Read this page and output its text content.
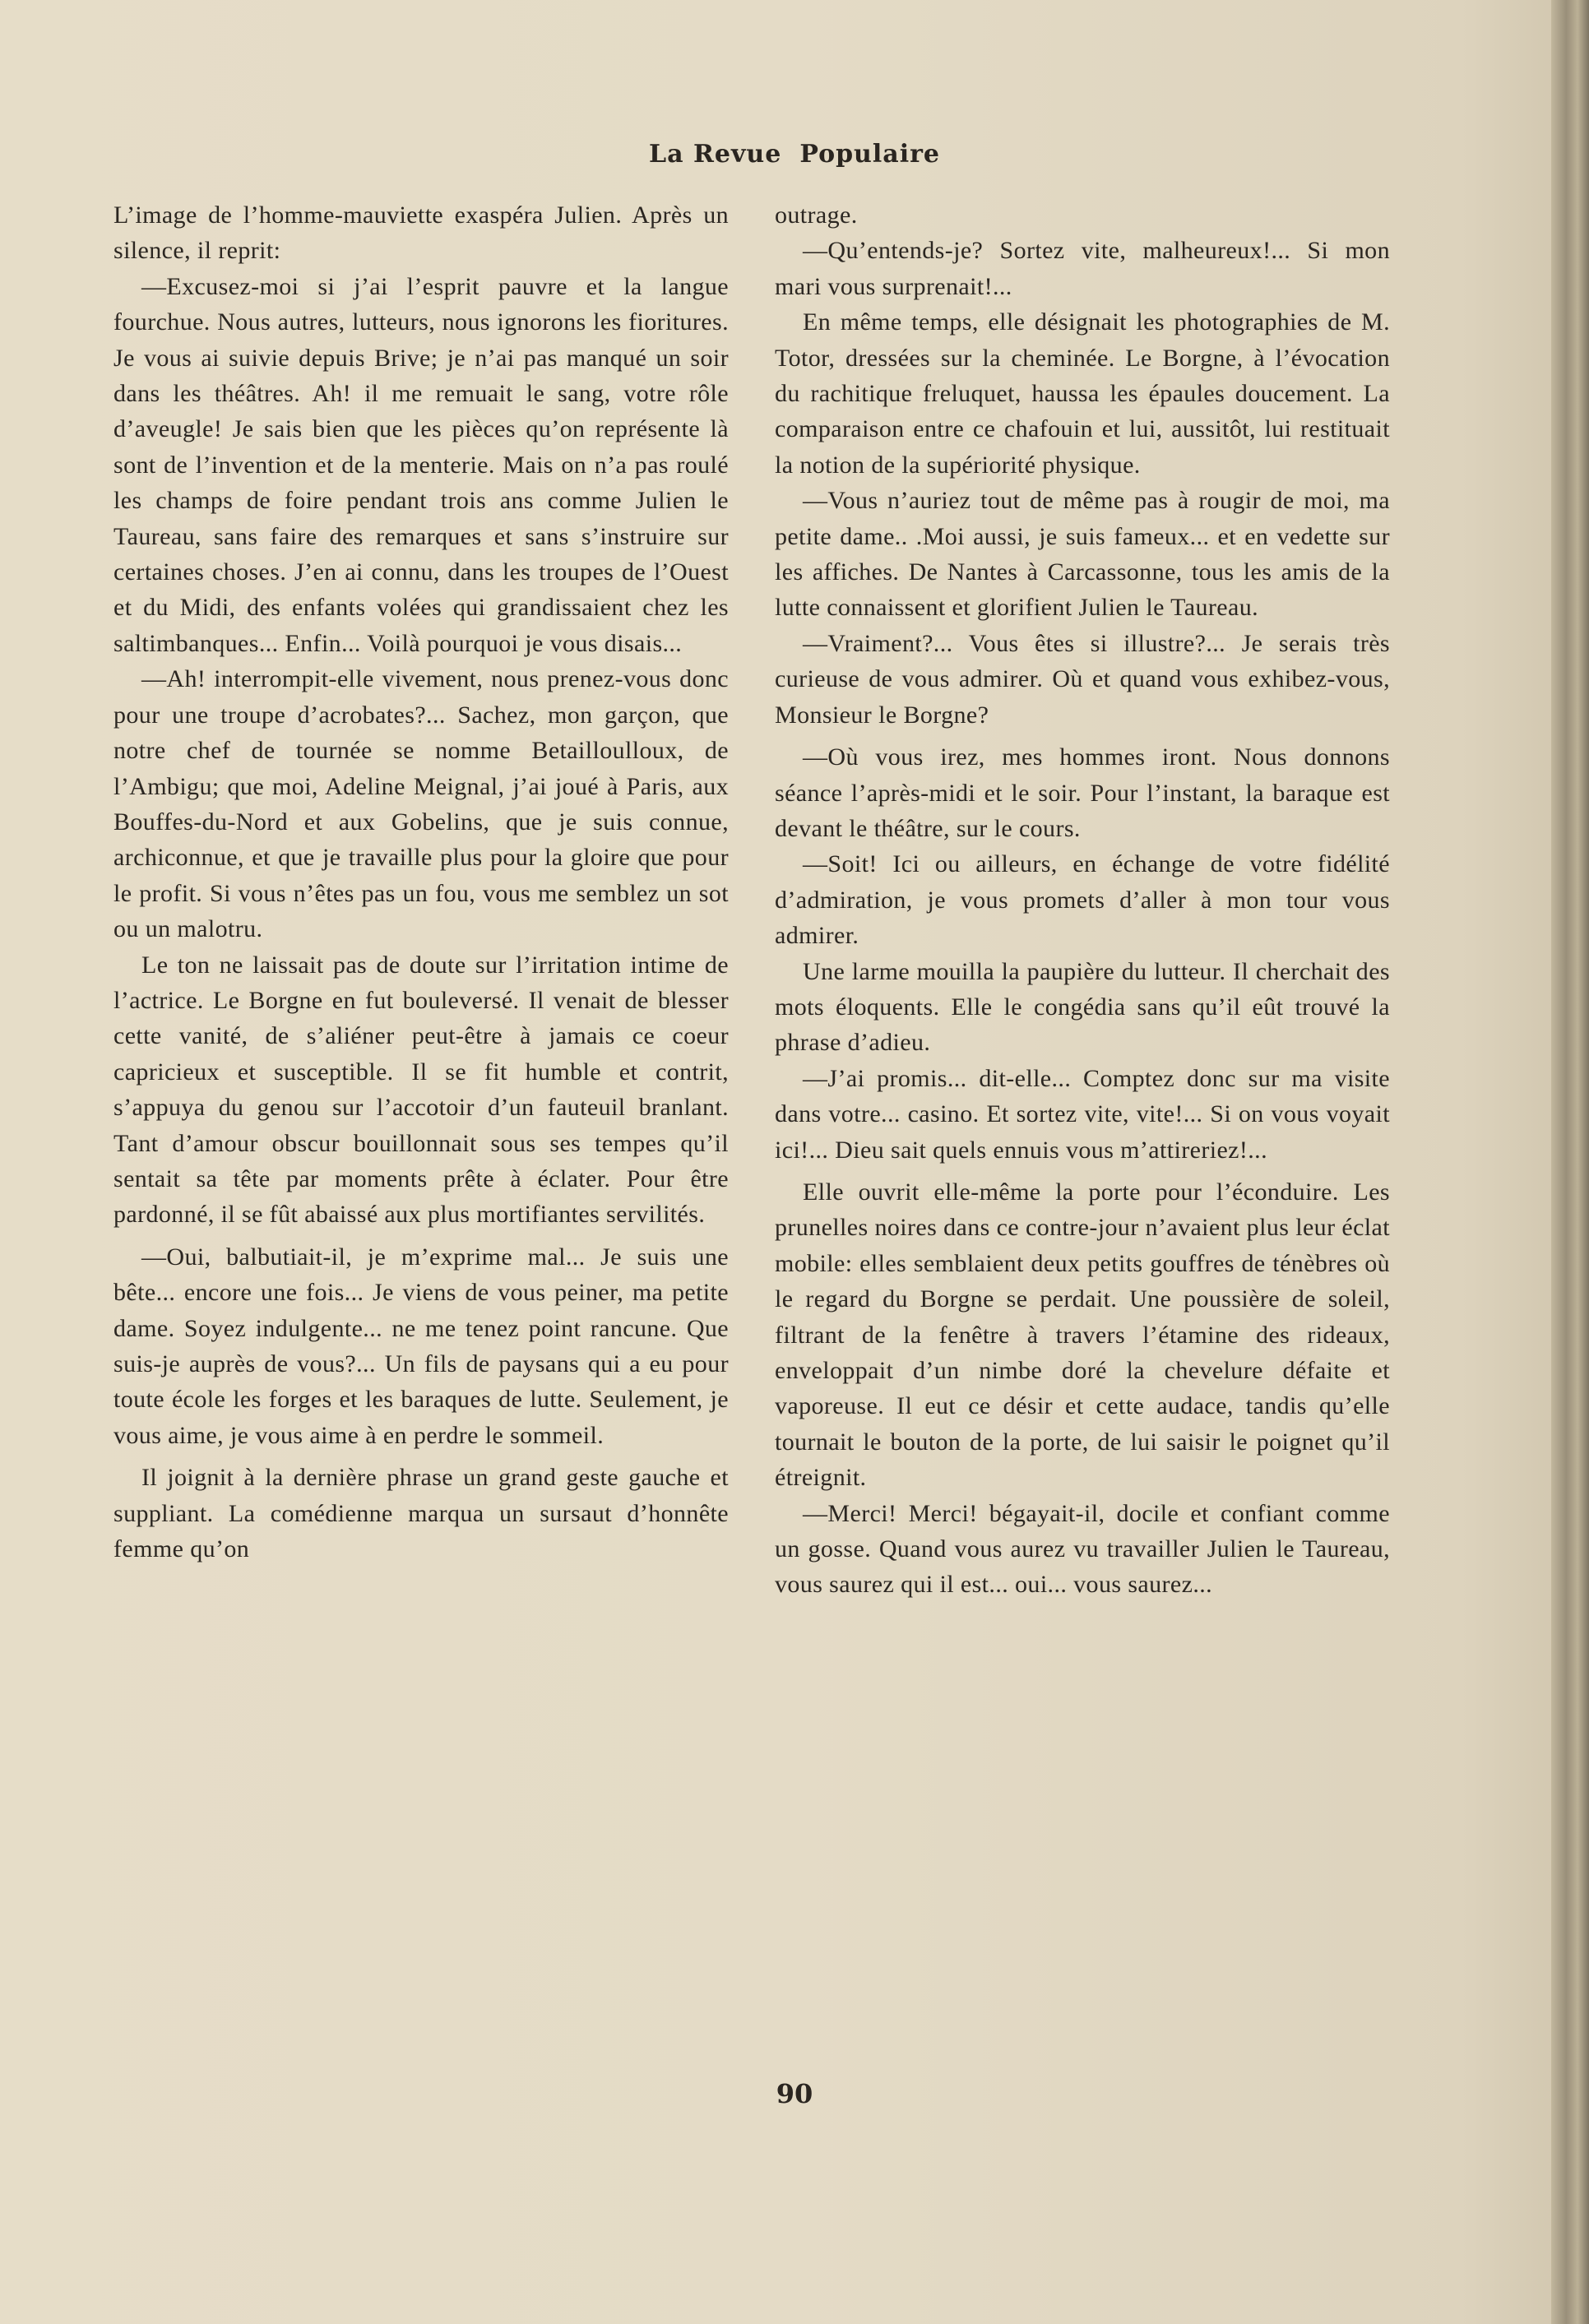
La Revue Populaire

L’image de l’homme-mauviette exaspéra Julien. Après un silence, il reprit:

—Excusez-moi si j’ai l’esprit pauvre et la langue fourchue. Nous autres, lutteurs, nous ignorons les fioritures. Je vous ai suivie depuis Brive; je n’ai pas manqué un soir dans les théâtres. Ah! il me remuait le sang, votre rôle d’aveugle! Je sais bien que les pièces qu’on représente là sont de l’invention et de la menterie. Mais on n’a pas roulé les champs de foire pendant trois ans comme Julien le Taureau, sans faire des remarques et sans s’instruire sur certaines choses. J’en ai connu, dans les troupes de l’Ouest et du Midi, des enfants volées qui grandissaient chez les saltimbanques... Enfin... Voilà pourquoi je vous disais...

—Ah! interrompit-elle vivement, nous prenez-vous donc pour une troupe d’acrobates?... Sachez, mon garçon, que notre chef de tournée se nomme Betailloulloux, de l’Ambigu; que moi, Adeline Meignal, j’ai joué à Paris, aux Bouffes-du-Nord et aux Gobelins, que je suis connue, archiconnue, et que je travaille plus pour la gloire que pour le profit. Si vous n’êtes pas un fou, vous me semblez un sot ou un malotru.

Le ton ne laissait pas de doute sur l’irritation intime de l’actrice. Le Borgne en fut bouleversé. Il venait de blesser cette vanité, de s’aliéner peut-être à jamais ce coeur capricieux et susceptible. Il se fit humble et contrit, s’appuya du genou sur l’accotoir d’un fauteuil branlant. Tant d’amour obscur bouillonnait sous ses tempes qu’il sentait sa tête par moments prête à éclater. Pour être pardonné, il se fût abaissé aux plus mortifiantes servilités.

—Oui, balbutiait-il, je m’exprime mal... Je suis une bête... encore une fois... Je viens de vous peiner, ma petite dame. Soyez indulgente... ne me tenez point rancune. Que suis-je auprès de vous?... Un fils de paysans qui a eu pour toute école les forges et les baraques de lutte. Seulement, je vous aime, je vous aime à en perdre le sommeil.

Il joignit à la dernière phrase un grand geste gauche et suppliant. La comédienne marqua un sursaut d’honnête femme qu’on

outrage.

—Qu’entends-je? Sortez vite, malheureux!... Si mon mari vous surprenait!...

En même temps, elle désignait les photographies de M. Totor, dressées sur la cheminée. Le Borgne, à l’évocation du rachitique freluquet, haussa les épaules doucement. La comparaison entre ce chafouin et lui, aussitôt, lui restituait la notion de la supériorité physique.

—Vous n’auriez tout de même pas à rougir de moi, ma petite dame.. .Moi aussi, je suis fameux... et en vedette sur les affiches. De Nantes à Carcassonne, tous les amis de la lutte connaissent et glorifient Julien le Taureau.

—Vraiment?... Vous êtes si illustre?... Je serais très curieuse de vous admirer. Où et quand vous exhibez-vous, Monsieur le Borgne?

—Où vous irez, mes hommes iront. Nous donnons séance l’après-midi et le soir. Pour l’instant, la baraque est devant le théâtre, sur le cours.

—Soit! Ici ou ailleurs, en échange de votre fidélité d’admiration, je vous promets d’aller à mon tour vous admirer.

Une larme mouilla la paupière du lutteur. Il cherchait des mots éloquents. Elle le congédia sans qu’il eût trouvé la phrase d’adieu.

—J’ai promis... dit-elle... Comptez donc sur ma visite dans votre... casino. Et sortez vite, vite!... Si on vous voyait ici!... Dieu sait quels ennuis vous m’attireriez!...

Elle ouvrit elle-même la porte pour l’éconduire. Les prunelles noires dans ce contre-jour n’avaient plus leur éclat mobile: elles semblaient deux petits gouffres de ténèbres où le regard du Borgne se perdait. Une poussière de soleil, filtrant de la fenêtre à travers l’étamine des rideaux, enveloppait d’un nimbe doré la chevelure défaite et vaporeuse. Il eut ce désir et cette audace, tandis qu’elle tournait le bouton de la porte, de lui saisir le poignet qu’il étreignit.

—Merci! Merci! bégayait-il, docile et confiant comme un gosse. Quand vous aurez vu travailler Julien le Taureau, vous saurez qui il est... oui... vous saurez...

90
